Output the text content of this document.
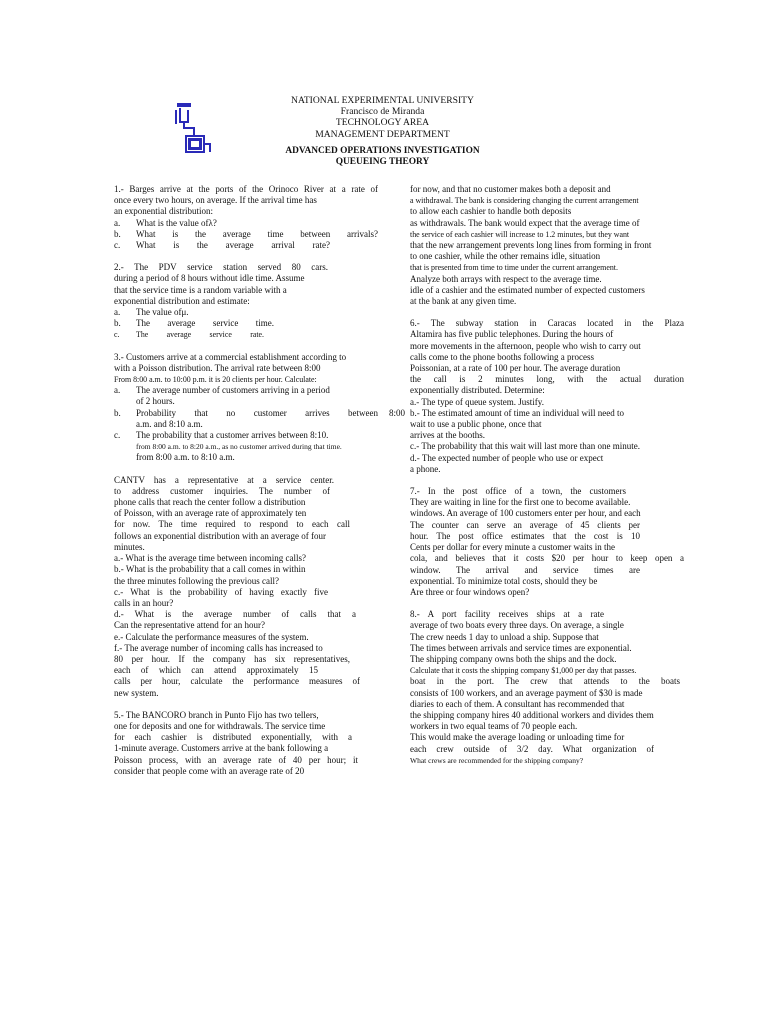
NATIONAL EXPERIMENTAL UNIVERSITY
Francisco de Miranda
TECHNOLOGY AREA
MANAGEMENT DEPARTMENT
ADVANCED OPERATIONS INVESTIGATION
QUEUEING THEORY

1.- Barges arrive at the ports of the Orinoco River at a rate of

once every two hours, on average. If the arrival time has

an exponential distribution:

a.	What is the value ofλ?
b.	What is the average time between arrivals?
c.	What is the average arrival rate?

2.- The PDV service station served 80 cars.

during a period of 8 hours without idle time. Assume

that the service time is a random variable with a

exponential distribution and estimate:

a.	The value ofμ.
b.	The average service time.
c.	The average service rate.

3.- Customers arrive at a commercial establishment according to

with a Poisson distribution. The arrival rate between 8:00

From 8:00 a.m. to 10:00 p.m. it is 20 clients per hour. Calculate:

a.	The average number of customers arriving in a period

of 2 hours.

b.	Probability that no customer arrives between

a.m. and 8:10 a.m.

c.	The probability that a customer arrives between 8:10.

from 8:00 a.m. to 8:20 a.m., as no customer arrived during that time.

from 8:00 a.m. to 8:10 a.m.

CANTV has a representative at a service center.

to address customer inquiries. The number of

phone calls that reach the center follow a distribution

of Poisson, with an average rate of approximately ten

for now. The time required to respond to each call

follows an exponential distribution with an average of four

minutes.

a.- What is the average time between incoming calls?

b.- What is the probability that a call comes in within

the three minutes following the previous call?

c.- What is the probability of having exactly five

calls in an hour?

d.- What is the average number of calls that a

Can the representative attend for an hour?

e.- Calculate the performance measures of the system.

f.- The average number of incoming calls has increased to

80 per hour. If the company has six representatives,

each of which can attend approximately 15

calls per hour, calculate the performance measures of

new system.

5.- The BANCORO branch in Punto Fijo has two tellers,

one for deposits and one for withdrawals. The service time

for each cashier is distributed exponentially, with a

1-minute average. Customers arrive at the bank following a

Poisson process, with an average rate of 40 per hour; it

consider that people come with an average rate of 20

8:00

for now, and that no customer makes both a deposit and

a withdrawal. The bank is considering changing the current arrangement

to allow each cashier to handle both deposits

as withdrawals. The bank would expect that the average time of

the service of each cashier will increase to 1.2 minutes, but they want

that the new arrangement prevents long lines from forming in front

to one cashier, while the other remains idle, situation

that is presented from time to time under the current arrangement.

Analyze both arrays with respect to the average time.

idle of a cashier and the estimated number of expected customers

at the bank at any given time.

6.- The subway station in Caracas located in the Plaza

Altamira has five public telephones. During the hours of

more movements in the afternoon, people who wish to carry out

calls come to the phone booths following a process

Poissonian, at a rate of 100 per hour. The average duration

the call is 2 minutes long, with the actual duration

exponentially distributed. Determine:

a.- The type of queue system. Justify.

b.- The estimated amount of time an individual will need to

wait to use a public phone, once that

arrives at the booths.

c.- The probability that this wait will last more than one minute.

d.- The expected number of people who use or expect

a phone.

7.- In the post office of a town, the customers

They are waiting in line for the first one to become available.

windows. An average of 100 customers enter per hour, and each

The counter can serve an average of 45 clients per

hour. The post office estimates that the cost is 10

Cents per dollar for every minute a customer waits in the

cola, and believes that it costs $20 per hour to keep open a

window. The arrival and service times are

exponential. To minimize total costs, should they be

Are three or four windows open?

8.- A port facility receives ships at a rate

average of two boats every three days. On average, a single

The crew needs 1 day to unload a ship. Suppose that

The times between arrivals and service times are exponential.

The shipping company owns both the ships and the dock.

Calculate that it costs the shipping company $1,000 per day that passes.

boat in the port. The crew that attends to the boats

consists of 100 workers, and an average payment of $30 is made

diaries to each of them. A consultant has recommended that

the shipping company hires 40 additional workers and divides them

workers in two equal teams of 70 people each.

This would make the average loading or unloading time for

each crew outside of 3/2 day. What organization of

What crews are recommended for the shipping company?
